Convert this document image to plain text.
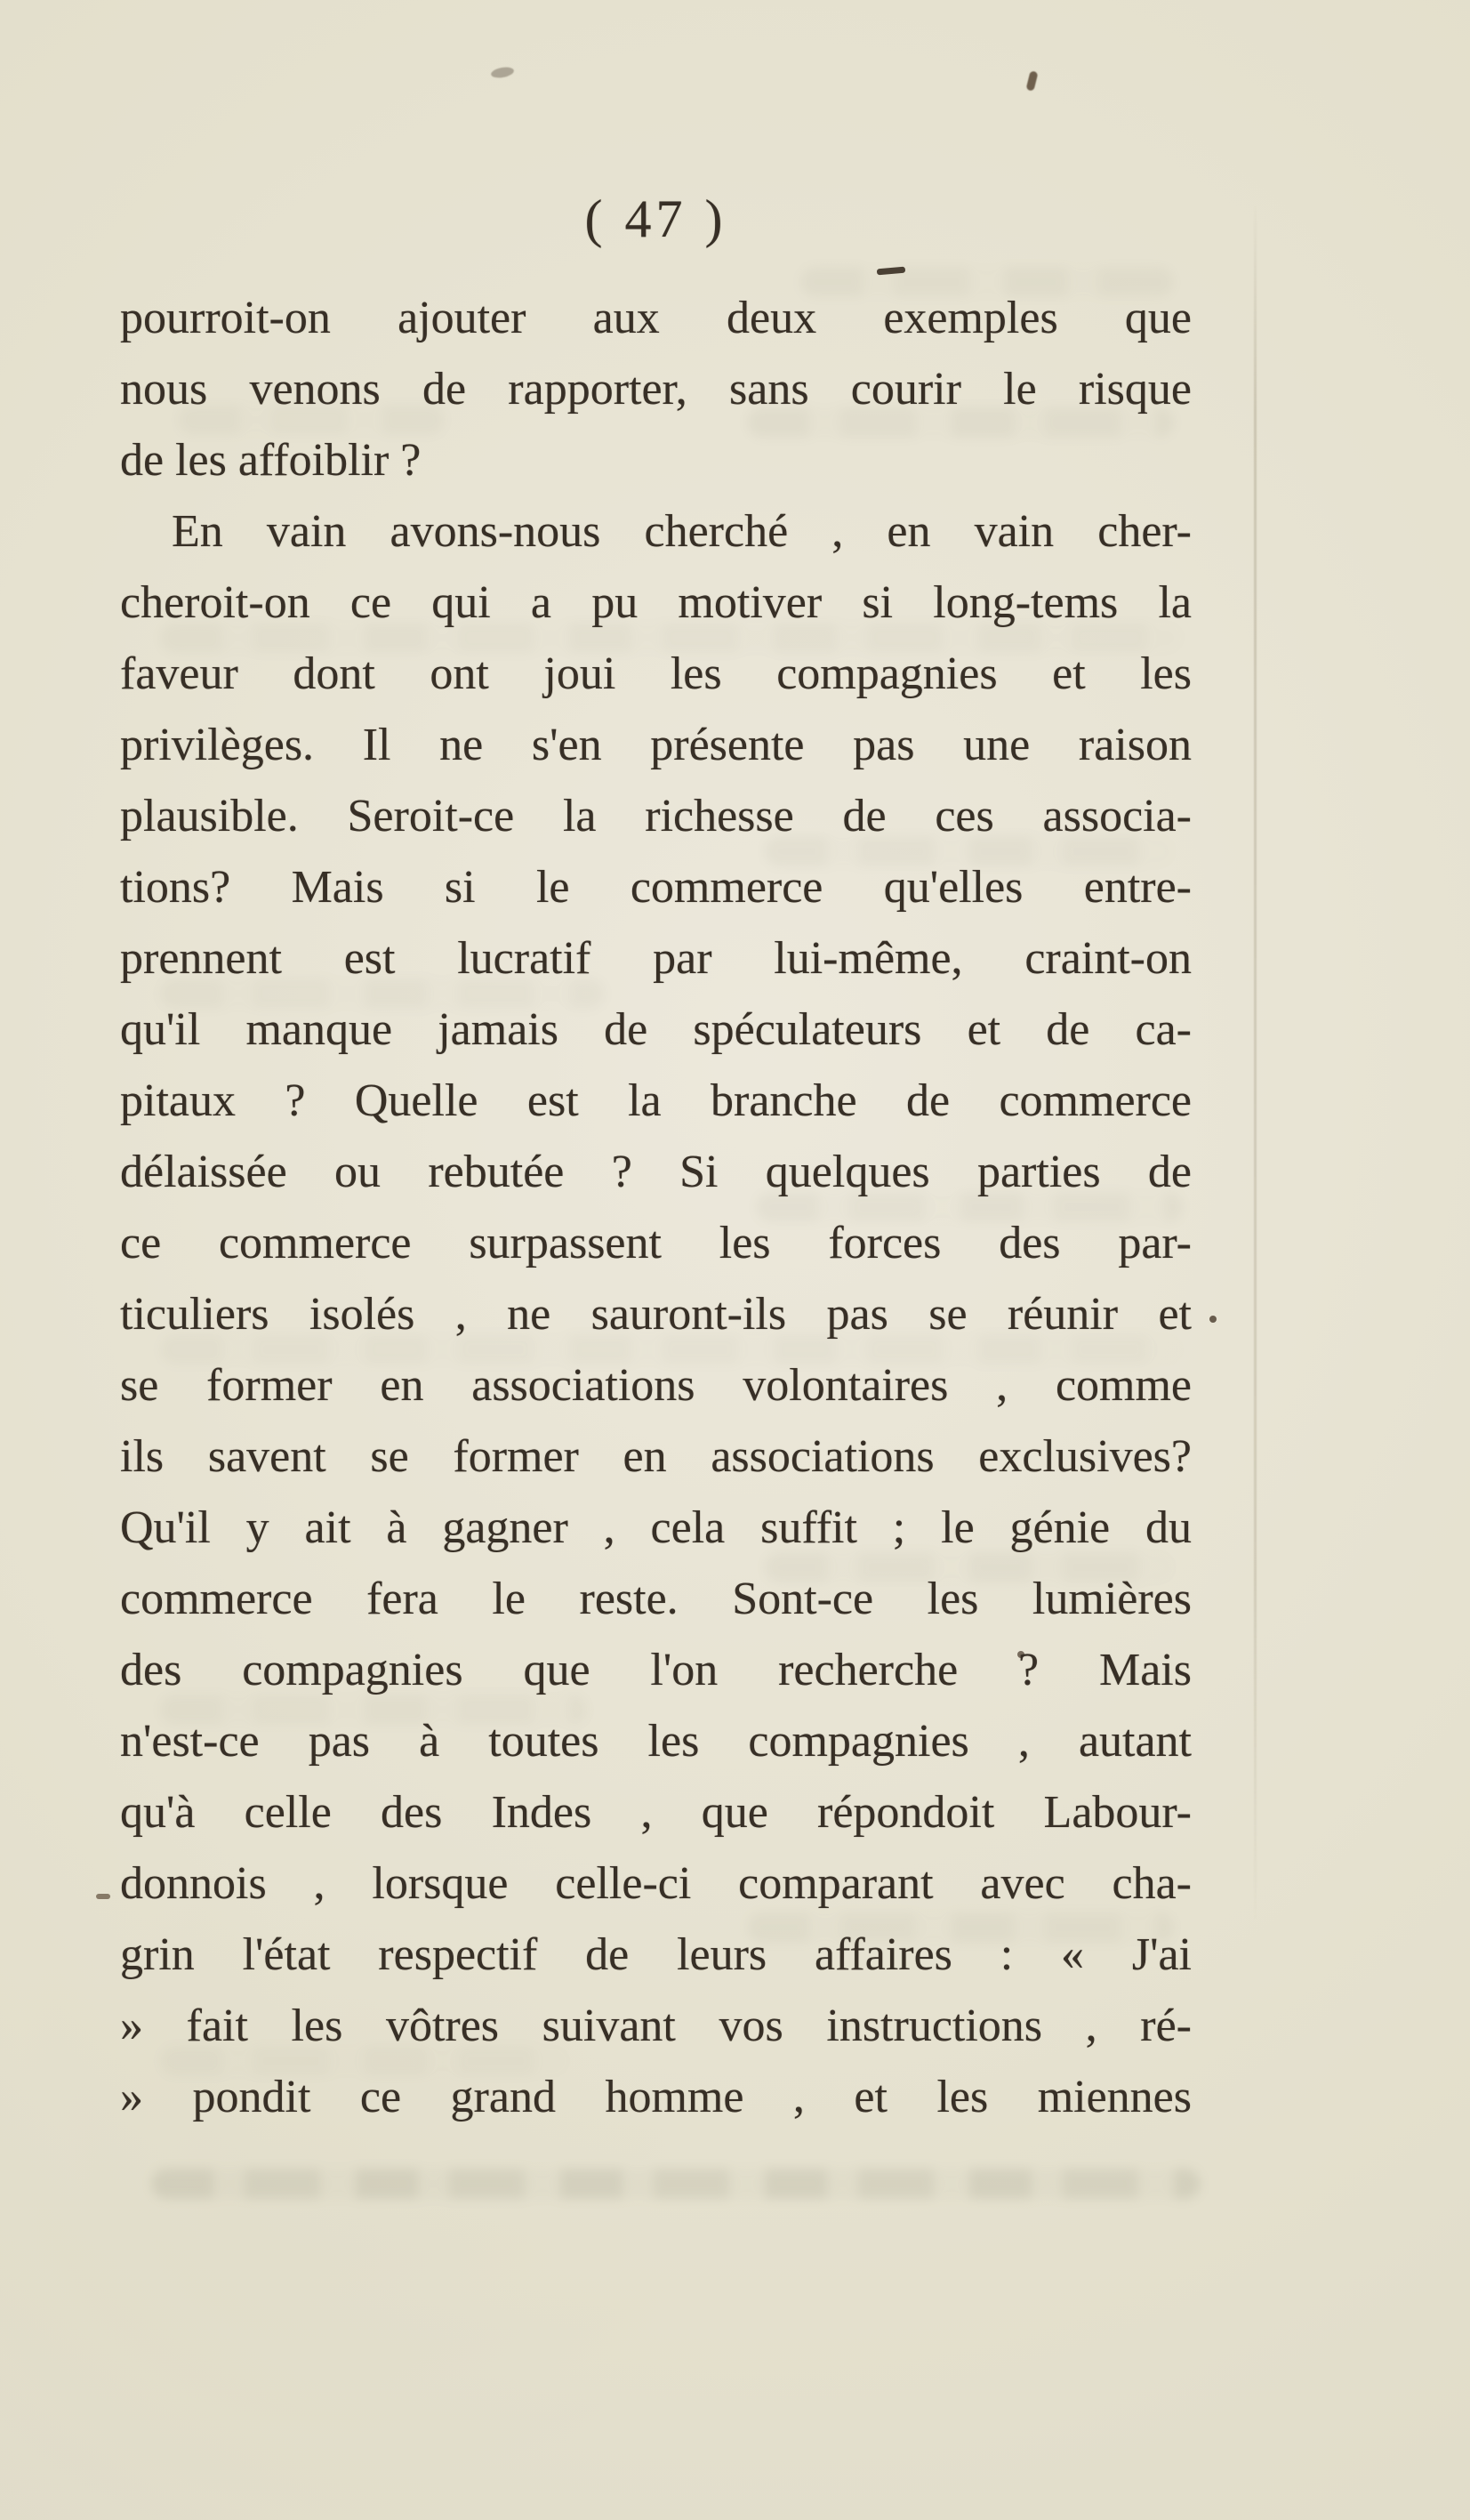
( 47 )
pourroit-on ajouter aux deux exemples que
nous venons de rapporter, sans courir le risque
de les affoiblir ?
En vain avons-nous cherché , en vain cher-
cheroit-on ce qui a pu motiver si long-tems la
faveur dont ont joui les compagnies et les
privilèges. Il ne s'en présente pas une raison
plausible. Seroit-ce la richesse de ces associa-
tions? Mais si le commerce qu'elles entre-
prennent est lucratif par lui-même, craint-on
qu'il manque jamais de spéculateurs et de ca-
pitaux ? Quelle est la branche de commerce
délaissée ou rebutée ? Si quelques parties de
ce commerce surpassent les forces des par-
ticuliers isolés , ne sauront-ils pas se réunir et
se former en associations volontaires , comme
ils savent se former en associations exclusives?
Qu'il y ait à gagner , cela suffit ; le génie du
commerce fera le reste. Sont-ce les lumières
des compagnies que l'on recherche ? Mais
n'est-ce pas à toutes les compagnies , autant
qu'à celle des Indes , que répondoit Labour-
donnois , lorsque celle-ci comparant avec cha-
grin l'état respectif de leurs affaires : « J'ai
» fait les vôtres suivant vos instructions , ré-
» pondit ce grand homme , et les miennes
